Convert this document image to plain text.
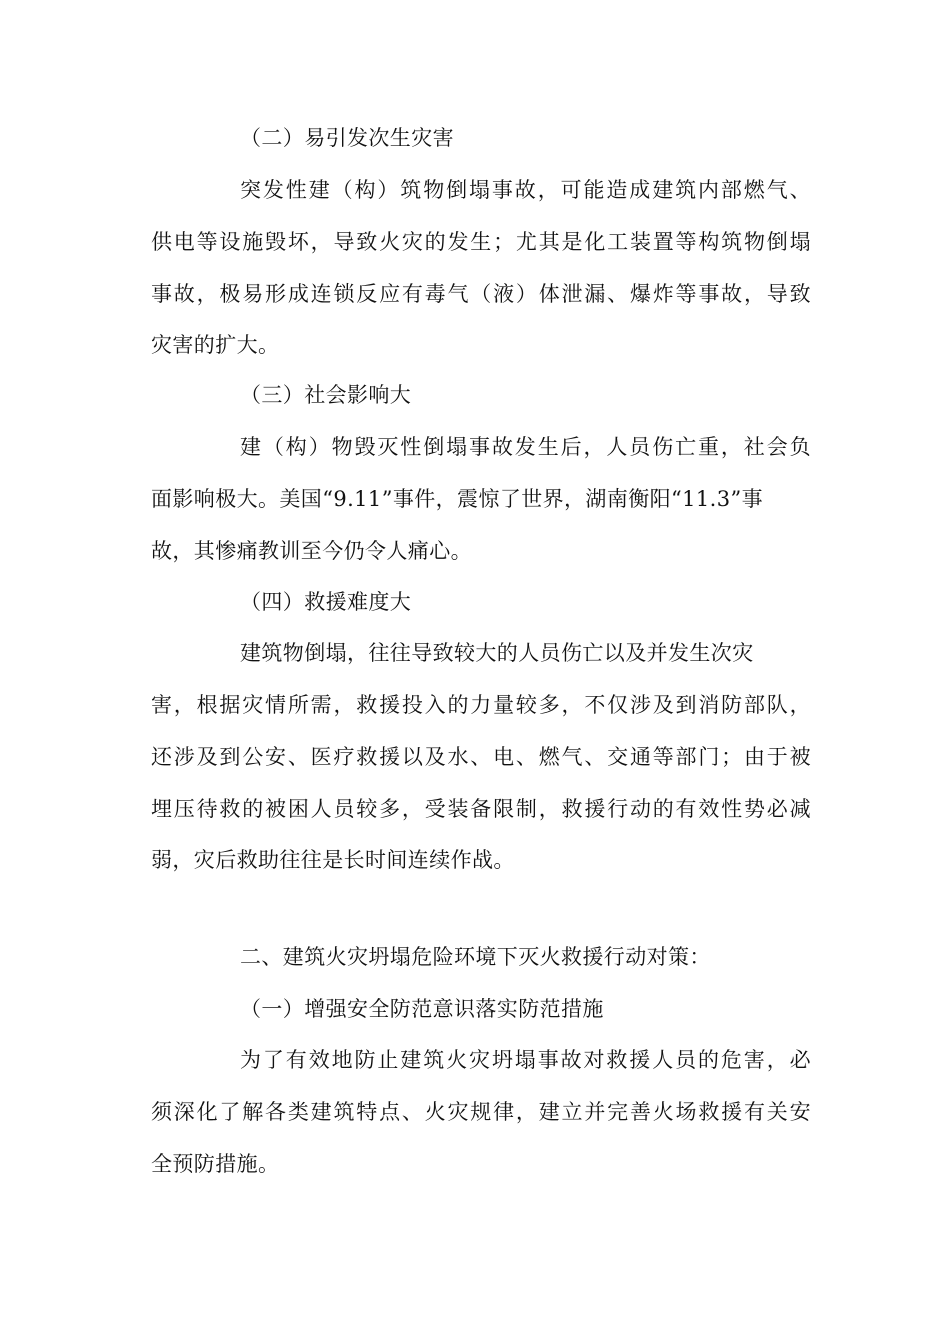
（二）易引发次生灾害
突发性建（构）筑物倒塌事故，可能造成建筑内部燃气、
供电等设施毁坏，导致火灾的发生；尤其是化工装置等构筑物倒塌
事故，极易形成连锁反应有毒气（液）体泄漏、爆炸等事故，导致
灾害的扩大。
（三）社会影响大
建（构）物毁灭性倒塌事故发生后，人员伤亡重，社会负
面影响极大。美国“9.11”事件，震惊了世界，湖南衡阳“11.3”事
故，其惨痛教训至今仍令人痛心。
（四）救援难度大
建筑物倒塌，往往导致较大的人员伤亡以及并发生次灾
害，根据灾情所需，救援投入的力量较多，不仅涉及到消防部队，
还涉及到公安、医疗救援以及水、电、燃气、交通等部门；由于被
埋压待救的被困人员较多，受装备限制，救援行动的有效性势必减
弱，灾后救助往往是长时间连续作战。
二、建筑火灾坍塌危险环境下灭火救援行动对策：
（一）增强安全防范意识落实防范措施
为了有效地防止建筑火灾坍塌事故对救援人员的危害，必
须深化了解各类建筑特点、火灾规律，建立并完善火场救援有关安
全预防措施。
